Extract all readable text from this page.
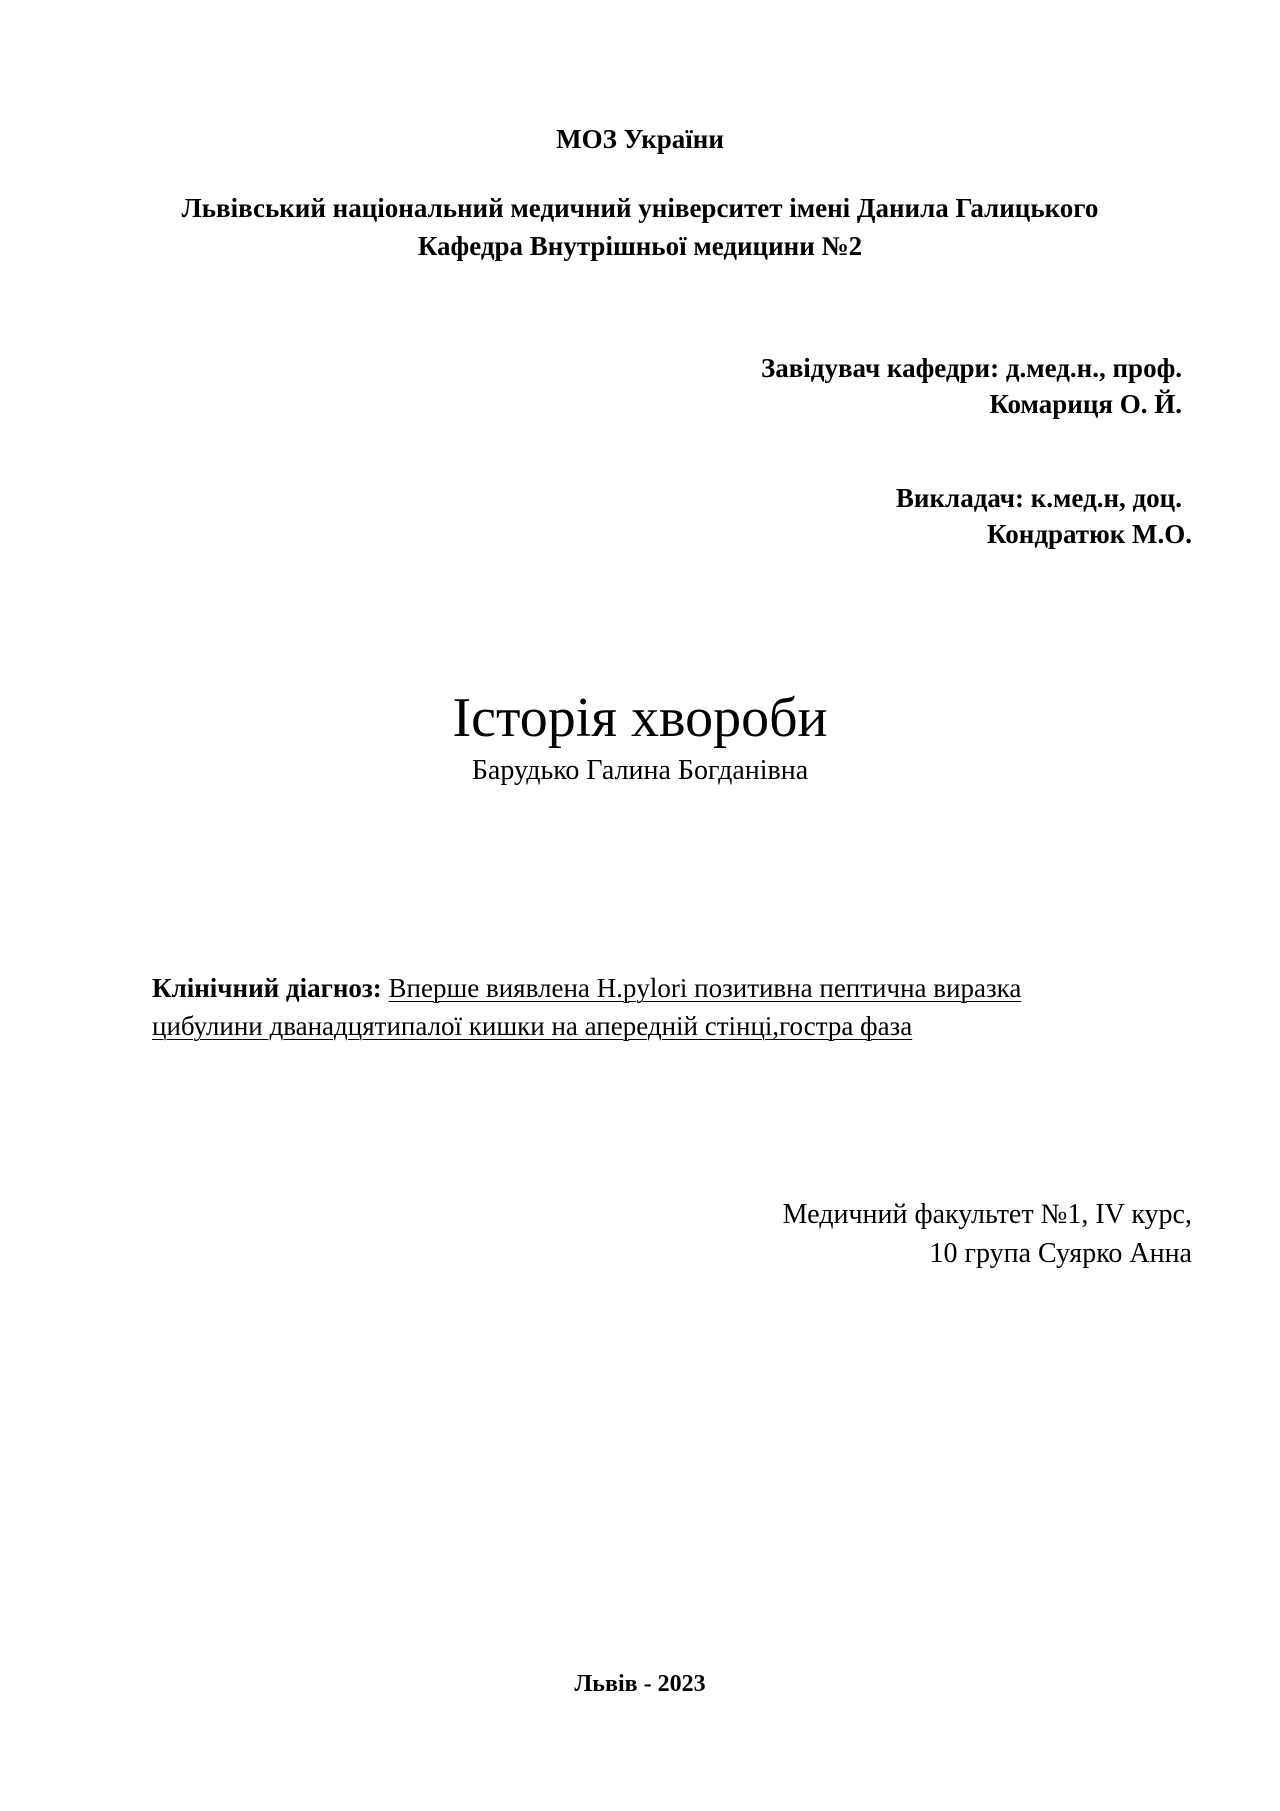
МОЗ України
Львівський національний медичний університет імені Данила Галицького
Кафедра Внутрішньої медицини №2
Завідувач кафедри: д.мед.н., проф.
Комариця О. Й.
Викладач: к.мед.н, доц.
Кондратюк М.О.
Історія хвороби
Барудько Галина Богданівна
Клінічний діагноз: Вперше виявлена H.pylori позитивна пептична виразка
цибулини дванадцятипалої кишки на апередній стінці,гостра фаза
Медичний факультет №1, IV курс,
10 група Суярко Анна
Львів - 2023
